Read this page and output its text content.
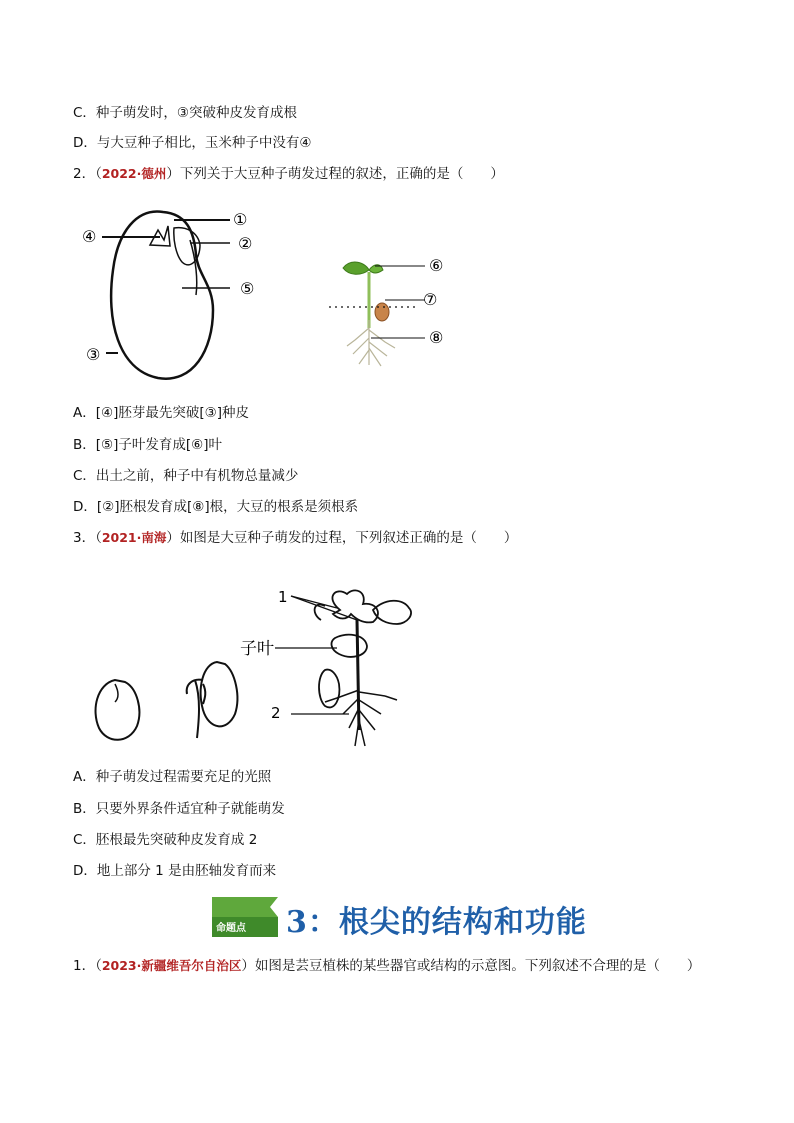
C．种子萌发时，③突破种皮发育成根
D．与大豆种子相比，玉米种子中没有④
2．（2022·德州）下列关于大豆种子萌发过程的叙述，正确的是（　　）
①
④	②
⑤
③
⑥
⑦
⑧
A．[④]胚芽最先突破[③]种皮
B．[⑤]子叶发育成[⑥]叶
C．出土之前，种子中有机物总量减少
D．[②]胚根发育成[⑧]根，大豆的根系是须根系
3．（2021·南海）如图是大豆种子萌发的过程，下列叙述正确的是（　　）
1
子叶
2
A．种子萌发过程需要充足的光照
B．只要外界条件适宜种子就能萌发
C．胚根最先突破种皮发育成 2
D．地上部分 1 是由胚轴发育而来
命题点 3：根尖的结构和功能
1．（2023·新疆维吾尔自治区）如图是芸豆植株的某些器官或结构的示意图。下列叙述不合理的是（　　）
